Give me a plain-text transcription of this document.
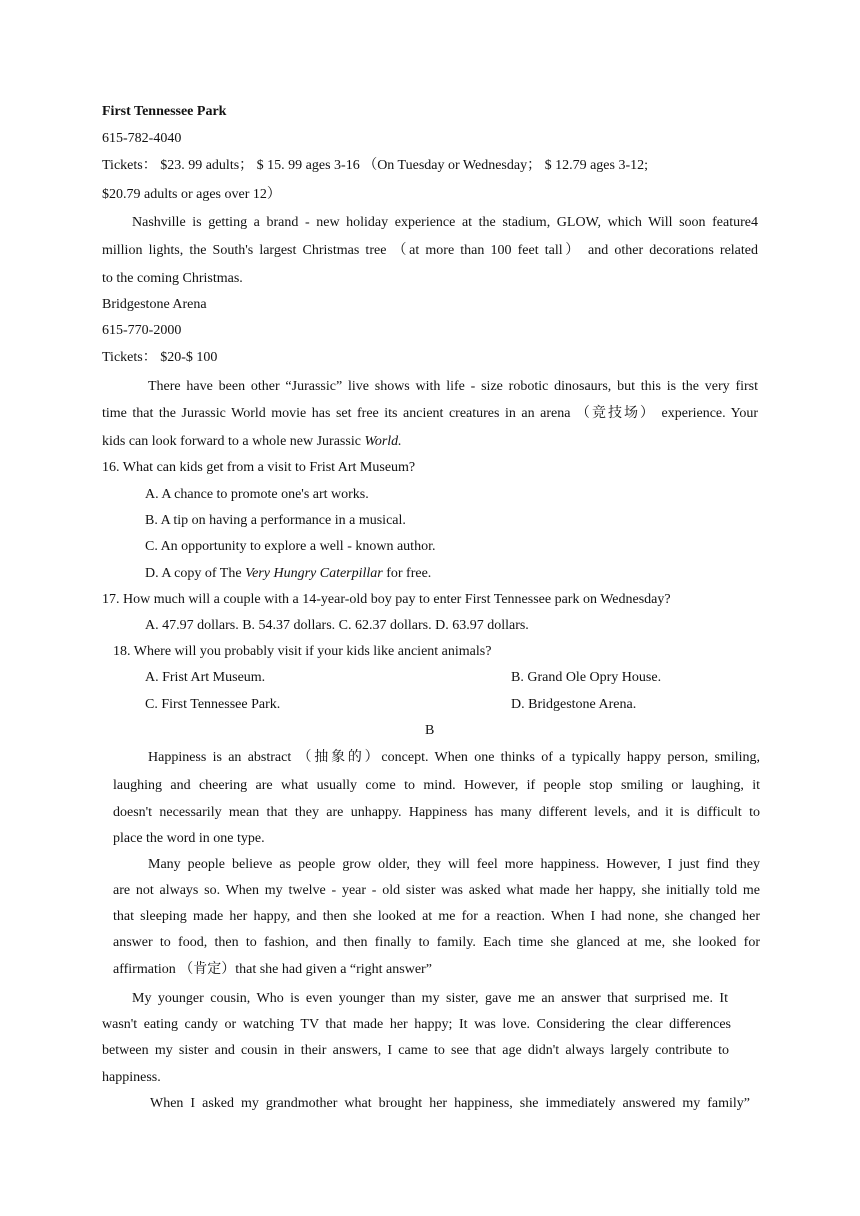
First Tennessee Park
615-782-4040
Tickets： $23. 99 adults； $ 15. 99 ages 3-16 （On Tuesday or Wednesday； $ 12.79 ages 3-12;
$20.79 adults or ages over 12）
Nashville is getting a brand - new holiday experience at the stadium, GLOW, which Will soon feature4
million lights, the South's largest Christmas tree （at more than 100 feet tall） and other decorations related
to the coming Christmas.
Bridgestone Arena
615-770-2000
Tickets： $20-$ 100
There have been other “Jurassic” live shows with life - size robotic dinosaurs, but this is the very first
time that the Jurassic World movie has set free its ancient creatures in an arena （竞技场） experience. Your
kids can look forward to a whole new Jurassic World.
16. What can kids get from a visit to Frist Art Museum?
A. A chance to promote one's art works.
B. A tip on having a performance in a musical.
C. An opportunity to explore a well - known author.
D. A copy of The Very Hungry Caterpillar for free.
17. How much will a couple with a 14-year-old boy pay to enter First Tennessee park on Wednesday?
A. 47.97 dollars. B. 54.37 dollars. C. 62.37 dollars. D. 63.97 dollars.
18. Where will you probably visit if your kids like ancient animals?
A. Frist Art Museum.	B. Grand Ole Opry House.
C. First Tennessee Park.	D. Bridgestone Arena.
B
Happiness is an abstract （抽象的）concept. When one thinks of a typically happy person, smiling,
laughing and cheering are what usually come to mind. However, if people stop smiling or laughing, it
doesn't necessarily mean that they are unhappy. Happiness has many different levels, and it is difficult to
place the word in one type.
Many people believe as people grow older, they will feel more happiness. However, I just find they
are not always so. When my twelve - year - old sister was asked what made her happy, she initially told me
that sleeping made her happy, and then she looked at me for a reaction. When I had none, she changed her
answer to food, then to fashion, and then finally to family. Each time she glanced at me, she looked for
affirmation （肯定）that she had given a “right answer”
My younger cousin, Who is even younger than my sister, gave me an answer that surprised me. It
wasn't eating candy or watching TV that made her happy; It was love. Considering the clear differences
between my sister and cousin in their answers, I came to see that age didn't always largely contribute to
happiness.
When I asked my grandmother what brought her happiness, she immediately answered my family”
